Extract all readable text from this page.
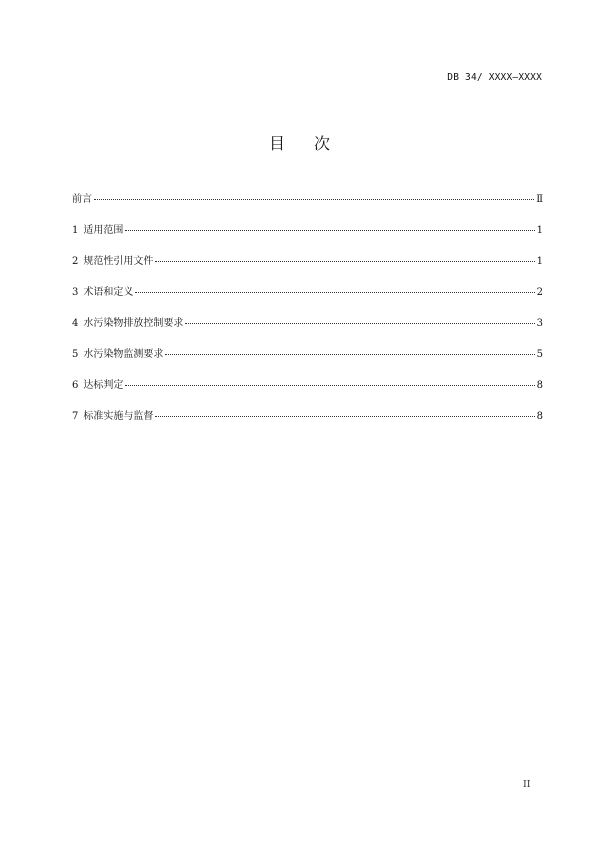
DB 34/ XXXX—XXXX
目 次
前言	Ⅱ
1 适用范围	1
2 规范性引用文件	1
3 术语和定义	2
4 水污染物排放控制要求	3
5 水污染物监测要求	5
6 达标判定	8
7 标准实施与监督	8
II
